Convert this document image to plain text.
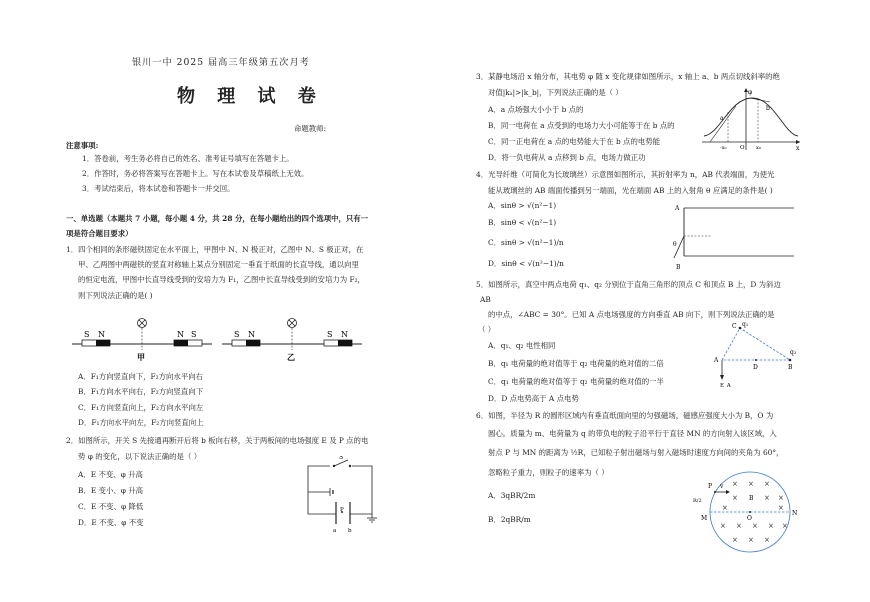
银川一中 2025 届高三年级第五次月考
物 理 试 卷
命题教师:
注意事项:
1．答卷前，考生务必将自己的姓名、准考证号填写在答题卡上。
2．作答时，务必将答案写在答题卡上。写在本试卷及草稿纸上无效。
3．考试结束后，将本试卷和答题卡一并交回。
一、单选题（本题共 7 小题，每小题 4 分，共 28 分，在每小题给出的四个选项中，只有一
项是符合题目要求）
1．四个相同的条形磁铁固定在水平面上，甲图中 N、N 极正对，乙图中 N、S 极正对，在
甲、乙两图中两磁铁的竖直对称轴上某点分别固定一垂直于纸面的长直导线，通以向里
的恒定电流，甲图中长直导线受到的安培力为 F₁，乙图中长直导线受到的安培力为 F₂，
则下列说法正确的是( )
S N	N S
甲
S N	S N
乙
A．F₁方向竖直向下，F₂方向水平向右
B．F₁方向水平向右，F₂方向竖直向下
C．F₁方向竖直向上，F₂方向水平向左
D．F₁方向水平向左，F₂方向竖直向上
2．如图所示，开关 S 先接通再断开后将 b 板向右移，关于两板间的电场强度 E 及 P 点的电
势 φ 的变化，以下说法正确的是（ ）
A．E 不变、φ 升高
B．E 变小、φ 升高
C．E 不变、φ 降低
D．E 不变、φ 不变
S
P
a b
3．某静电场沿 x 轴分布，其电势 φ 随 x 变化规律如图所示，x 轴上 a、b 两点切线斜率的绝
对值|kₐ|>|k_b|，下列说法正确的是（ ）
A．a 点场强大小小于 b 点的
B．同一电荷在 a 点受到的电场力大小可能等于在 b 点的
C．同一正电荷在 a 点的电势能大于在 b 点的电势能
D．将一负电荷从 a 点移到 b 点，电场力做正功
φ
x
a
b
-x₀ O x₀
4．光导纤维（可简化为长玻璃丝）示意图如图所示，其折射率为 n，AB 代表端面，为使光
能从玻璃丝的 AB 端面传播到另一端面，光在端面 AB 上的入射角 θ 应满足的条件是( )
A．sinθ > √(n²−1)
B．sinθ < √(n²−1)
C．sinθ > √(n²−1)/n
D．sinθ < √(n²−1)/n
A
B
θ
5．如图所示，真空中两点电荷 q₁、q₂ 分别位于直角三角形的顶点 C 和顶点 B 上，D 为斜边
AB
的中点，∠ABC = 30°。已知 A 点电场强度的方向垂直 AB 向下，则下列说法正确的是
（ ）
A．q₁、q₂ 电性相同
B．q₁ 电荷量的绝对值等于 q₂ 电荷量的绝对值的二倍
C．q₁ 电荷量的绝对值等于 q₂ 电荷量的绝对值的一半
D．D 点电势高于 A 点电势
C q₁
A
D	B
q₂
E_A
6．如图，半径为 R 的圆形区域内有垂直纸面向里的匀强磁场，磁感应强度大小为 B，O 为
圆心。质量为 m、电荷量为 q 的带负电的粒子沿平行于直径 MN 的方向射入该区域，入
射点 P 与 MN 的距离为 ½R，已知粒子射出磁场与射入磁场时速度方向间的夹角为 60°，
忽略粒子重力，则粒子的速率为（ ）
A．3qBR/2m
B．2qBR/m
P v
M	O
N
B
R/2
× × ×
×	× ×
×	×
× × × × ×
× × ×
